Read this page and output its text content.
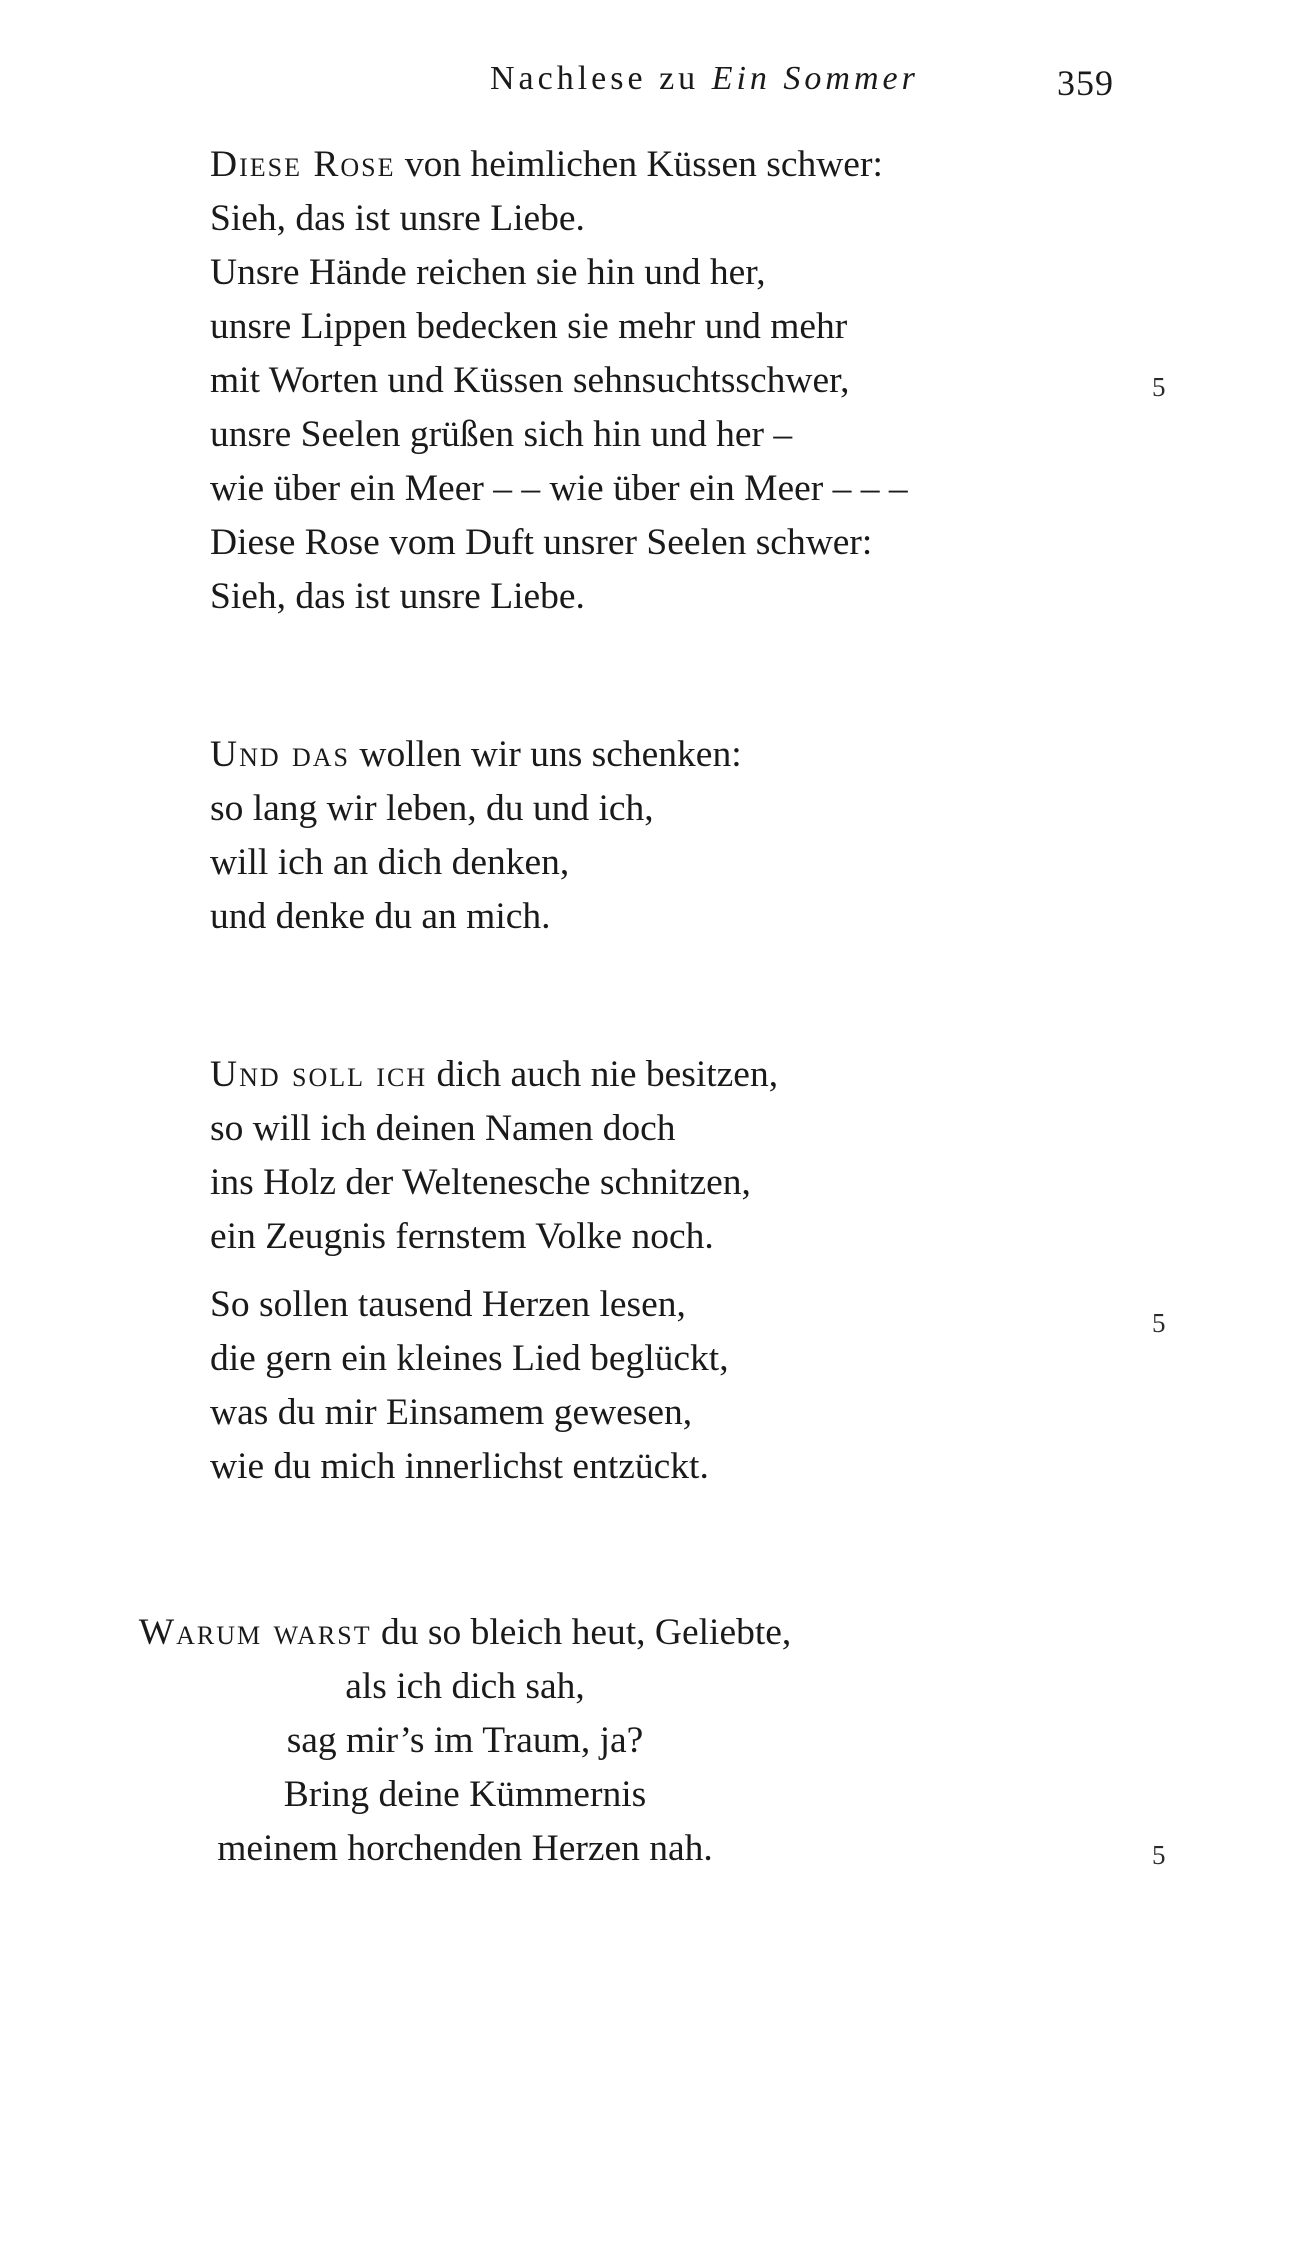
Nachlese zu Ein Sommer	359
Diese Rose von heimlichen Küssen schwer:
Sieh, das ist unsre Liebe.
Unsre Hände reichen sie hin und her,
unsre Lippen bedecken sie mehr und mehr
mit Worten und Küssen sehnsuchtsschwer,
unsre Seelen grüßen sich hin und her –
wie über ein Meer – – wie über ein Meer – – –
Diese Rose vom Duft unsrer Seelen schwer:
Sieh, das ist unsre Liebe.
5
Und das wollen wir uns schenken:
so lang wir leben, du und ich,
will ich an dich denken,
und denke du an mich.
Und soll ich dich auch nie besitzen,
so will ich deinen Namen doch
ins Holz der Weltenesche schnitzen,
ein Zeugnis fernstem Volke noch.
So sollen tausend Herzen lesen,
die gern ein kleines Lied beglückt,
was du mir Einsamem gewesen,
wie du mich innerlichst entzückt.
5
Warum warst du so bleich heut, Geliebte,
als ich dich sah,
sag mir’s im Traum, ja?
Bring deine Kümmernis
meinem horchenden Herzen nah.	5
